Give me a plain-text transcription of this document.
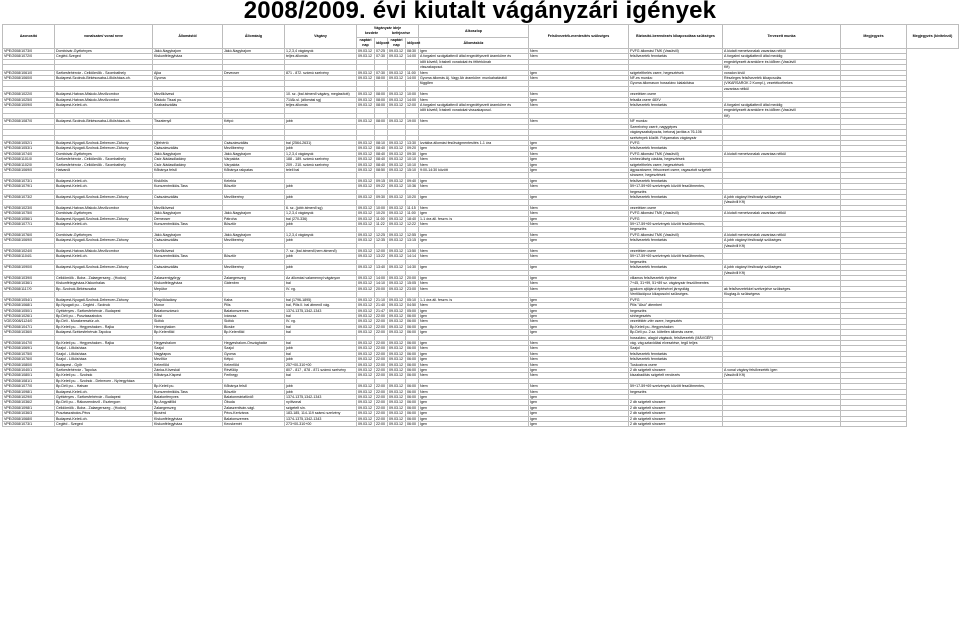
2008/2009. évi kiutalt vágányzári igények
Azonosító	vonalszám/ vonal neve	Állomástól	Állomásig	Vágány	Vágányzár ideje
kezdete befejezése				Alkoszlop	Felsővezeték-mentesítés szükséges	Biztosító-berendezés kikapcsolása szükséges	Tervezett munka	Megjegyzés	Megjegyzés (kivitelező)
					naptári nap	időpont	naptári nap	időpont	Állomásköz					
VPE/2008/1073/0	Dombóvár-Gyékényes	Jákó-Nagybajom	Jákó-Nagybajom	1,2,3,4 vágányok	09.03.12	07:25	09.03.12	08:30	Igen	Nem	FVFG állomási TMK (Vasútvill)	A kiutalt menetvonalak zavarása nélkül		
VPE/2008/1072/0	Cegléd-Szeged	Kiskunfélegyháza		teljes állomás	09.03.12	07:30	09.03.12	14:00	A forgalmi szolgálattevő által engedélyezett áramkörre és	Nem	felsővezeték fenntartás	A forgalmi szolgálattevő által meddig		
									időt követő, Írásbeli vonatokat és féltérkönab			engedélyezett áramkörre és időben (Vasútvill		
									visszakapcsol.			Kft)		
VPE/2008/1061/0	Székesfehérvár - Celldömölk - Szombathely	Ajka	Devecser	871 - 872. számú szelvény	09.03.12	07:30	09.03.12	11:00	Nem	Igen	szigetelthelés csere, hegesztések	vonalon kívül		
VPE/2008/1060/0	Budapest-Szolnok-Békéscsaba-Lőkösháza-oh.	Gyoma			09.03.12	08:00	09.03.12	14:00	Gyoma állomás Aj. Vagy Ab áramköre: munkahatárától	Nem	NF-es munka:	Részleges felsővezeték kikapcsolás		
									függően		Gyoma állomason hosszlánc kialakítása	(VIKARSAROK 2 Kompl.), vezetékcélrekes		
												zavarása nélkül		
VPE/2008/1022/0	Budapest-Hatvan-Miskolc-Mezőzombor	Mezőkövesd		10. sz. (bal átmenő vágány, meglasított)	09.03.12	08:00	09.03.12	10:00	Nem	Nem	vezetéken csere			
VPE/2008/1025/0	Budapest-Hatvan-Miskolc-Mezőzombor	Miskolc Tiszai pu.		71/Ak.sl. (állomási sg)	09.03.12	08:00	09.03.12	14:00	Nem	Igen	felsalla csere 48XV			
VPE/2008/1009/0	Budapest-Keleti-oh.	Szabadszállás		teljes állomás	09.03.12	08:00	09.03.12	12:00	A forgalmi szolgálattevő által engedélyezett áramkörre és	Nem	felsővezeték fenntartás	A forgalmi szolgálattevő által meddig		
									időt követő, Írásbeli vonatokat visszakapcsol.			engedélyezett áramkörre és időben (Vasútvill		
												Kft)		
VPE/2008/1087/0	Budapest-Szolnok-Békéscsaba-Lőkösháza-oh.	Tiszatenyő	Kétpó	jobb	09.03.12	08:00	09.03.12	19:00	Nem	Nem	NF munka:			
											Szerelvény cseré, nagygépes			
											vágányszabályozás, betonaj javítás a 76-106			
											szelvények között. Folyamatos vágányzár			
VPE/2008/1052/1	Budapest-Nyugati-Szolnok-Debrecen-Záhony	Újfehértó	Császárszállás	bal (2564-2631)	09.03.12	08:10	09.03.12	13:30	Izvákba állomási fesütvágmentesítés 1-1 óra	Igen	FVFG			
VPE/2008/1053/1	Budapest-Nyugati-Szolnok-Debrecen-Záhony	Császárszállás	Mezőberény	jobb	09.03.12	08:40	09.03.12	09:20	Igen	Igen	felsővezeték fenntartás			
VPE/2008/1074/0	Dombóvár-Gyékényes	Jákó-Nagybajom	Jákó-Nagybajom	1,2,3,4 vágányok	09.03.12	08:40	09.03.12	09:30	Igen	Nem	FVFG állomási TMK (Vasútvill)	A kiutalt menetvonalak zavarása nélkül		
VPE/2008/1101/0	Székesfehérvár - Celldömölk - Szombathely	Csór-Nádasdladány	Várpalota	188 - 189. számú szelvény	09.03.12	08:40	09.03.12	10:10	Nem	Igen	sínhezúltség cáskás, hegesztések			
VPE/2008/1102/0	Székesfehérvár - Celldömölk - Szombathely	Csór-Nádasdladány	Várpalota	209 - 210. számú szelvény	09.03.12	08:40	09.03.12	10:10	Nem	Igen	szigetelthelés csere, hegesztések			
VPE/2008/1069/0	Hatvanöl	Kőbánya felső	Kőbánya rakpatas	teleli bal	09.03.12	08:50	09.03.12	15:10	9:00-14:30 között	Igen	ágyazatcsere, felsovezet csere, ragasztott szigetelt			
											sincsere, hegesztések			
VPE/2008/1073/1	Budapest-Keleti-oh.	Kiskőrös	Kelebia		09.03.12	09:15	09.03.12	09:40	Igen	Igen	felsővezeték fenntartás			
VPE/2008/1079/1	Budapest-Keleti-oh.	Kunszentmiklós-Tass	Bösztör	jobb	09.03.12	09:22	09.03.12	10:36	Nem	Nem	59+17-59+69 szelvények között feszültmentes,			
											hegesztés			
VPE/2008/1073/2	Budapest-Nyugati-Szolnok-Debrecen-Záhony	Császárszállás	Mezőberény	jobb	09.03.12	09:30	09.03.12	10:20	Igen	Igen	felsővezeték fenntartás	A jobb vágányi fesltvadyi szükséges		
												(Vasútvill Kft)		
VPE/2008/1023/0	Budapest-Hatvan-Miskolc-Mezőzombor	Mezőkövesd		6. sz. (jobb átmenő sg)	09.03.12	10:00	09.03.12	11:15	Nem	Nem	vezetéken csere			
VPE/2008/1075/0	Dombóvár-Gyékényes	Jákó-Nagybajom	Jákó-Nagybajom	1,2,3,4 vágányok	09.03.12	10:20	09.03.12	11:00	Igen	Nem	FVFG állomási TMK (Vasútvill)	A kiutalt menetvonalak zavarása nélkül		
VPE/2008/1056/1	Budapest-Nyugati-Szolnok-Debrecen-Záhony	Demecser	Pátroha	bal (270-336)	09.03.12	11:00	09.03.12	18:40	1-1 óra áll. feszm. is	Igen	FVFG			
VPE/2008/1077/1	Budapest-Keleti-oh.	Kunszentmiklós-Tass	Bösztör	jobb	09.03.12	11:22	09.03.12	12:22	Nem	Nem	59+17-59+69 szelvények között feszültmentes,			
											hegesztés			
VPE/2008/1076/0	Dombóvár-Gyékényes	Jákó-Nagybajom	Jákó-Nagybajom	1,2,3,4 vágányok	09.03.12	12:25	09.03.12	12:55	Igen	Nem	FVFG állomási TMK (Vasútvill)	A kiutalt menetvonalak zavarása nélkül		
VPE/2008/1069/0	Budapest-Nyugati-Szolnok-Debrecen-Záhony	Császárszállás	Mezőberény	jobb	09.03.12	12:35	09.03.12	13:15	Igen	Igen	felsővezeték fenntartás	A jobb vágányi fesltvadyi szükséges		
												(Vasútvill Kft)		
VPE/2008/1024/0	Budapest-Hatvan-Miskolc-Mezőzombor	Mezőkövesd		7. sz. (bal átmenő,hem átmenő)	09.03.12	12:00	09.03.12	13:50	Nem	Nem	vezetéken csere			
VPE/2008/1104/1	Budapest-Keleti-oh.	Kunszentmiklós-Tass	Bösztör	jobb	09.03.12	13:22	09.03.12	14:14	Nem	Nem	59+17-59+69 szelvények között feszültmentes,			
											hegesztés			
VPE/2008/1090/0	Budapest-Nyugati-Szolnok-Debrecen-Záhony	Császárszállás	Mezőberény	jobb	09.03.12	13:40	09.03.12	14:30	Igen	Igen	felsővezeték fenntartás	A jobb vágányi fesltvadyi szükséges		
												(Vasútvill Kft)		
VPE/2008/1039/0	Celldömölk - Boba - Zalaegerszeg - (Hodos)	Zalaszentgyörgy	Zalaegerszeg	Az állomási valamennyi vágányon	09.03.12	14:00	09.03.12	20:00	Igen	Igen	villamos felsővezeték építése			
VPE/2008/1036/1	Kiskunfélegyháza-Kiskunhalas	Kiskunfélegyháza	Gátenbrn	bal	09.03.12	14:10	09.03.12	15:05	Nem	Nem	7+45, 31+99, 51+89 sz. vágányzár feszültmentes			
VPE/2008/1117/0	Bp.-Szolnok-Békéscsaba	Mepütor		IV. vg.	09.03.12	20:00	09.03.12	23:00	Nem	Nem	gyakorn ajtójárui éptésével járnyoilág	ak felsővezetékkel szétzejztve szükséges.		
											Ventilációpoz kikapcsolni szükséges.	Kiugtag-ik szükségess		
VPE/2008/1054/1	Budapest-Nyugati-Szolnok-Debrecen-Záhony	Püspökladány	Kaba	bal (1796-1895)	09.03.12	21:10	09.03.12	05:10	1-1 óra áll. feszm. is	Igen	FVFG			
VPE/2008/1068/1	Bp.Nyugati pu. - Cegléd - Szolnok	Monor	Pilis	bal, Pilis II. bal átmenő vág.	09.03.12	21:40	09.03.12	04:50	Nem	Igen	Pilis "Alsó" átemberi			
VPE/2008/1050/1	Gyékényes - Székesfehérvár - Budapest	Balatonszárszó	Balatonszemes	1374-1375,1342-1343	09.03.12	21:47	09.03.12	05:00	Igen	Igen	hegesztés			
VPE/2008/1026/1	Bp.Déli pu. - Pusztaszabolcs	Ercsi	Iváncsa	bal	09.03.12	22:00	09.03.12	06:00	Igen	Igen	sinhegesztés			
VGE/2008/1124/0	Bp.Déli - Murakeresztúr-oh.	Siófok	Siófok	IV. vg.	09.03.12	22:00	09.03.12	06:00	Nem	Nem	vezetéktér-vtér csere, hegesztés			
VPE/2008/1047/1	Bp.Keleti pu. - Hegyeshalom - Rajka	Herceghalom	Bicske	bal	09.03.12	22:00	09.03.12	06:00	Igen	Igen	Bp.Keleti pu.-Hegyeshalom			
VPE/2008/1036/0	Budapest-Székesfehérvár-Tapolca	Bp.Kelenföld	Bp.Kelenföld	bal	09.03.12	22:00	09.03.12	06:00	Igen	Igen	Bp.Déli pu. 2.sz. kötetlen állomás csere,			
											hosszlánc, alagút vágások, felsővezeték (MÁVGÉP)			
VPE/2008/1047/0	Bp.Keleti pu. - Hegyeshalom - Rajka	Hegyeshalom	Hegyeshalom-Országhatár	bal	09.03.12	22:00	09.03.12	06:00	Igen	Nem	vág. vág.sztavidiási elvesztése, tegű teljes			
VPE/2008/1069/1	Szajol - Lőkösháza	Szajol	Szajol	jobb	09.03.12	22:00	09.03.12	06:00	Nem	Nem	Szajol			
VPE/2008/1075/0	Szajol - Lőkösháza	Nagylapos	Gyoma	bal	09.03.12	22:00	09.03.12	06:00	Igen	Nem	felsővezeték fenntartás			
VPE/2008/1076/0	Szajol - Lőkösháza	Mezőtúr	Kétpó	jobb	09.03.12	22:00	09.03.12	06:00	Igen	Nem	felsővezeték fenntartás			
VPE/2008/1080/0	Budapest - Győr	Kelenföld	Kelenföld	257+00-310+00	09.03.12	22:00	09.03.12	06:00	Nem	Nem	Tuskoziros csere			
VPE/2008/1040/1	Székesfehérvár - Tapolca	Zánka-Köveskál	Révfülöp	807 - 817 , 878 - 871 számú szelvény	09.03.12	22:00	09.03.12	06:00	Igen	Igen	2 db szigetelt sincsere	A vonal vágány felsővezeték Igen		
VPE/2008/1080/1	Bp.Keleti pu. - Szolnok	Kőbánya-Kispest	Ferihegy	bal	09.03.12	22:00	09.03.12	06:00	Nem	Nem	kiszabadítás szigetelt rendezés	(Vasútvill Kft)		
VPE/2008/1081/1	Bp.Keleti pu. - Szolnok - Debrecen - Nyíregyháza													
VPE/2008/1077/0	Bp.Déli pu. - Hatvan	Bp.Keleti pu.	Kőbánya felső	jobb	09.03.12	22:00	09.03.12	06:00	Nem	Nem	59+17-59+69 szelvények között feszültmentes,			
VPE/2008/1098/1	Budapest-Keleti-oh.	Kunszentmiklós-Tass	Bösztör	jobb	09.03.12	22:00	09.03.12	06:00	Nem	Nem	hegesztés			
VPE/2008/1029/0	Gyékényes - Székesfehérvár - Budapest	Balatonfenyves	Balatonmáriafürdő	1374-1375,1342-1343	09.03.12	22:00	09.03.12	06:00	Igen	Igen				
VPE/2008/1036/2	Bp.Déli pu. - Rákosrendező - Esztergom	Bp.Angyalföld	Óbuda	nyíltvonal	09.03.12	22:00	09.03.12	06:00	Igen	Igen	2 db szigetelt sincsere			
VPE/2008/1098/1	Celldömölk - Boba - Zalaegerszeg - (Hodos)	Zalaegerszeg	Zalaszentiván-vágl.	szigetelt sin.	09.03.12	22:00	09.03.12	06:00	Igen	Igen	2 db szigetelt sincsere			
VPE/2008/1036/3	Pusztaszabolcs-Pécs	Bicsérd	Pécs-Kertváros	183-185, 114-119 számú szelvény	09.03.12	22:00	09.03.12	06:00	Igen	Igen	2 db szigetelt sincsere			
VPE/2008/1068/0	Budapest-Keleti-oh.	Kiskunfélegyháza	Balatonszemes	1374-1375,1342-1343	09.03.12	22:00	09.03.12	06:00	Igen	Igen	2 db szigetelt sincsere			
VPE/2008/1073/1	Cegléd - Szeged	Kiskunfélegyháza	Kecskemét	273+00-310+00	09.03.12	22:00	09.03.12	06:00	Igen	Igen	2 db szigetelt sincsere			
